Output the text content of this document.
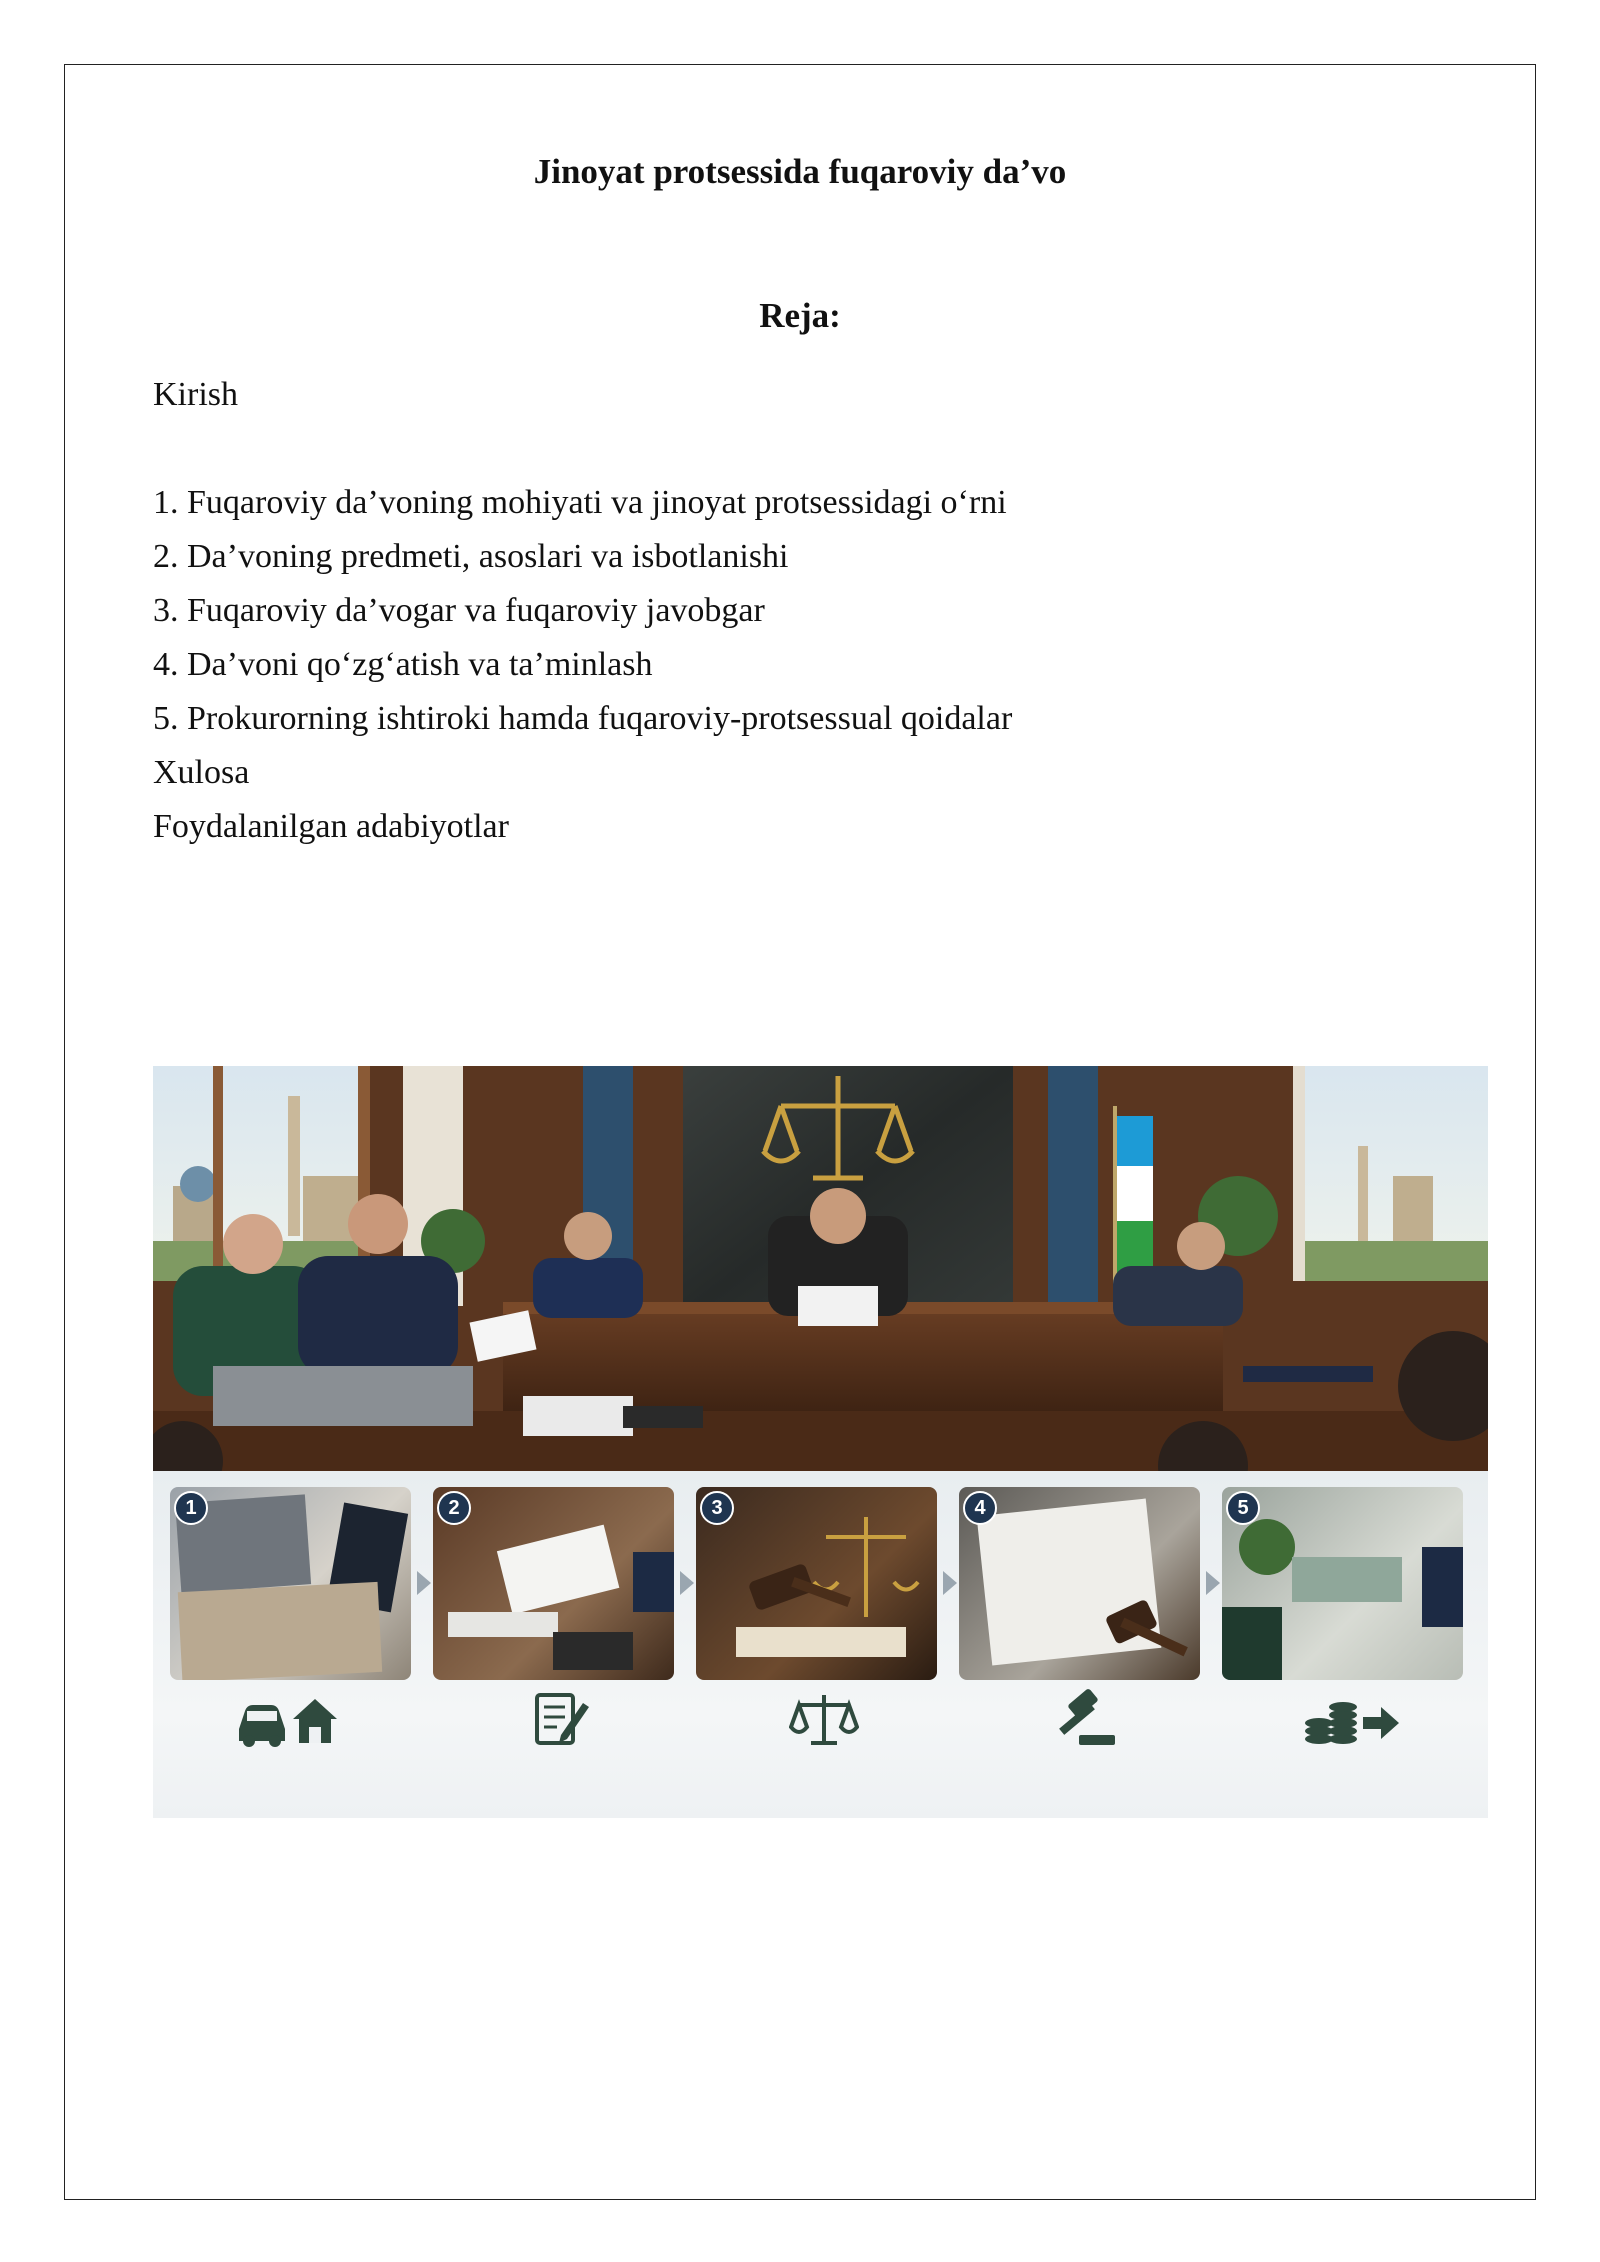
Jinoyat protsessida fuqaroviy da’vo
Reja:
Kirish
1. Fuqaroviy da’voning mohiyati va jinoyat protsessidagi o‘rni
2. Da’voning predmeti, asoslari va isbotlanishi
3. Fuqaroviy da’vogar va fuqaroviy javobgar
4. Da’voni qo‘zg‘atish va ta’minlash
5. Prokurorning ishtiroki hamda fuqaroviy-protsessual qoidalar
Xulosa
Foydalanilgan adabiyotlar
1	2	3	4	5
